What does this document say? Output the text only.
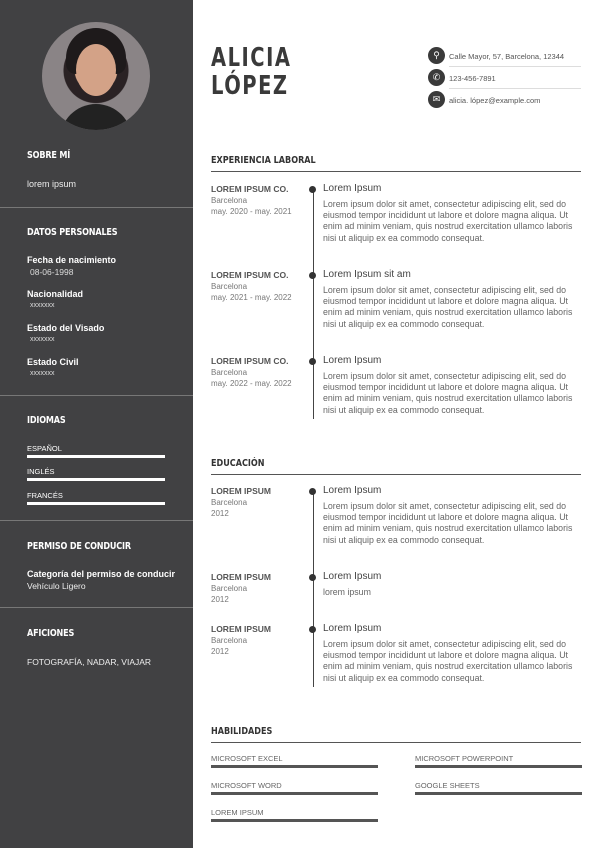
SOBRE MÍ
lorem ipsum
DATOS PERSONALES
Fecha de nacimiento
08-06-1998
Nacionalidad
xxxxxxx
Estado del Visado
xxxxxxx
Estado Civil
xxxxxxx
IDIOMAS
ESPAÑOL
INGLÉS
FRANCÉS
PERMISO DE CONDUCIR
Categoría del permiso de conducir
Vehículo Ligero
AFICIONES
FOTOGRAFÍA, NADAR, VIAJAR
ALICIA
LÓPEZ
⚲	Calle Mayor, 57, Barcelona, 12344
✆	123-456-7891
✉	alicia. lópez@example.com
EXPERIENCIA LABORAL
LOREM IPSUM CO.
Barcelona
may. 2020 - may. 2021
Lorem Ipsum
Lorem ipsum dolor sit amet, consectetur adipiscing elit, sed do eiusmod tempor incididunt ut labore et dolore magna aliqua. Ut enim ad minim veniam, quis nostrud exercitation ullamco laboris nisi ut aliquip ex ea commodo consequat.
LOREM IPSUM CO.
Barcelona
may. 2021 - may. 2022
Lorem Ipsum sit am
Lorem ipsum dolor sit amet, consectetur adipiscing elit, sed do eiusmod tempor incididunt ut labore et dolore magna aliqua. Ut enim ad minim veniam, quis nostrud exercitation ullamco laboris nisi ut aliquip ex ea commodo consequat.
LOREM IPSUM CO.
Barcelona
may. 2022 - may. 2022
Lorem Ipsum
Lorem ipsum dolor sit amet, consectetur adipiscing elit, sed do eiusmod tempor incididunt ut labore et dolore magna aliqua. Ut enim ad minim veniam, quis nostrud exercitation ullamco laboris nisi ut aliquip ex ea commodo consequat.
EDUCACIÓN
LOREM IPSUM
Barcelona
2012
Lorem Ipsum
Lorem ipsum dolor sit amet, consectetur adipiscing elit, sed do eiusmod tempor incididunt ut labore et dolore magna aliqua. Ut enim ad minim veniam, quis nostrud exercitation ullamco laboris nisi ut aliquip ex ea commodo consequat.
LOREM IPSUM
Barcelona
2012
Lorem Ipsum
lorem ipsum
LOREM IPSUM
Barcelona
2012
Lorem Ipsum
Lorem ipsum dolor sit amet, consectetur adipiscing elit, sed do eiusmod tempor incididunt ut labore et dolore magna aliqua. Ut enim ad minim veniam, quis nostrud exercitation ullamco laboris nisi ut aliquip ex ea commodo consequat.
HABILIDADES
MICROSOFT EXCEL	MICROSOFT POWERPOINT
MICROSOFT WORD	GOOGLE SHEETS
LOREM IPSUM
